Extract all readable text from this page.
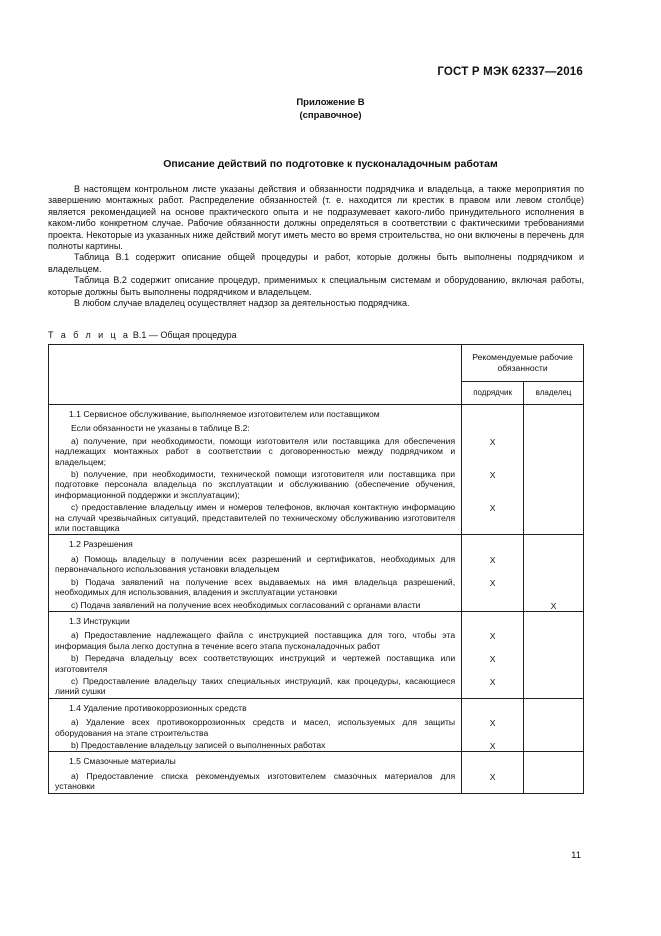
ГОСТ Р МЭК 62337—2016
Приложение В
(справочное)
Описание действий по подготовке к пусконаладочным работам

В настоящем контрольном листе указаны действия и обязанности подрядчика и владельца, а также мероприятия по завершению монтажных работ. Распределение обязанностей (т. е. находится ли крестик в правом или левом столбце) является рекомендацией на основе практического опыта и не подразумевает какого-либо принудительного исполнения в каком-либо конкретном случае. Рабочие обязанности должны определяться в соответствии с фактическими требованиями проекта. Некоторые из указанных ниже действий могут иметь место во время строительства, но они включены в перечень для полноты картины.

Таблица В.1 содержит описание общей процедуры и работ, которые должны быть выполнены подрядчиком и владельцем.

Таблица В.2 содержит описание процедур, применимых к специальным системам и оборудованию, включая работы, которые должны быть выполнены подрядчиком и владельцем.

В любом случае владелец осуществляет надзор за деятельностью подрядчика.

Т а б л и ц а В.1 — Общая процедура
	Рекомендуемые рабочие обязанности	
	подрядчик	владелец
1.1 Сервисное обслуживание, выполняемое изготовителем или поставщиком		

Если обязанности не указаны в таблице В.2:		

а) получение, при необходимости, помощи изготовителя или поставщика для обеспечения надлежащих монтажных работ в соответствии с договоренностью между подрядчиком и владельцем;	X	

b) получение, при необходимости, технической помощи изготовителя или поставщика при подготовке персонала владельца по эксплуатации и обслуживанию (обеспечение обучения, информационной поддержки и эксплуатации);	X	

c) предоставление владельцу имен и номеров телефонов, включая контактную информацию на случай чрезвычайных ситуаций, представителей по техническому обслуживанию изготовителя или поставщика	X	
1.2 Разрешения		

а) Помощь владельцу в получении всех разрешений и сертификатов, необходимых для первоначального использования установки владельцем	X	

b) Подача заявлений на получение всех выдаваемых на имя владельца разрешений, необходимых для использования, владения и эксплуатации установки	X	

c) Подача заявлений на получение всех необходимых согласований с органами власти		X
1.3 Инструкции		

а) Предоставление надлежащего файла с инструкцией поставщика для того, чтобы эта информация была легко доступна в течение всего этапа пусконаладочных работ	X	

b) Передача владельцу всех соответствующих инструкций и чертежей поставщика или изготовителя	X	

c) Предоставление владельцу таких специальных инструкций, как процедуры, касающиеся линий сушки	X	
1.4 Удаление противокоррозионных средств		

а) Удаление всех противокоррозионных средств и масел, используемых для защиты оборудования на этапе строительства	X	

b) Предоставление владельцу записей о выполненных работах	X	
1.5 Смазочные материалы		

а) Предоставление списка рекомендуемых изготовителем смазочных материалов для установки	X	
11
